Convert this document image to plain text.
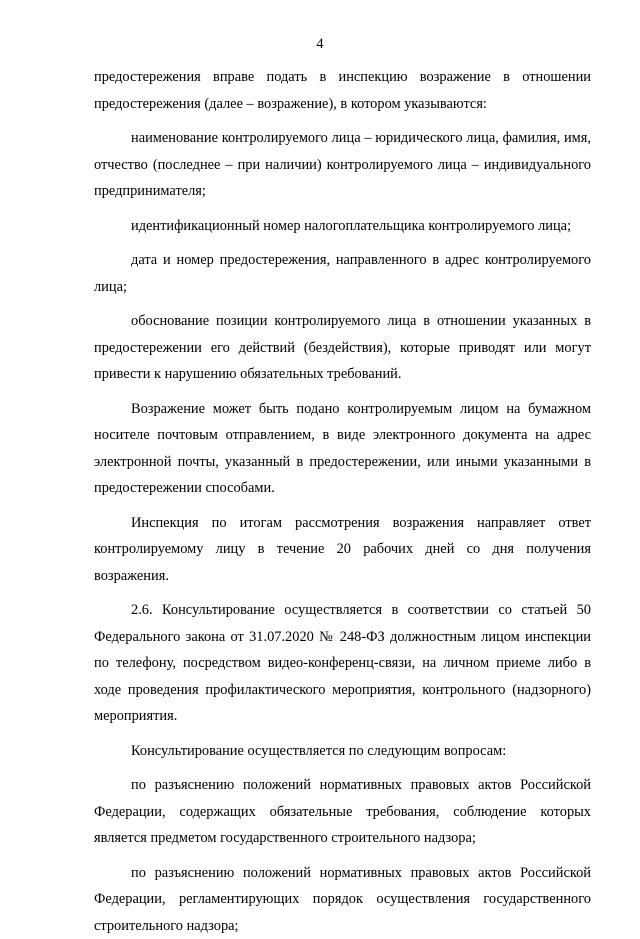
4

предостережения вправе подать в инспекцию возражение в отношении предостережения (далее – возражение), в котором указываются:

наименование контролируемого лица – юридического лица, фамилия, имя, отчество (последнее – при наличии) контролируемого лица – индивидуального предпринимателя;

идентификационный номер налогоплательщика контролируемого лица;

дата и номер предостережения, направленного в адрес контролируемого лица;

обоснование позиции контролируемого лица в отношении указанных в предостережении его действий (бездействия), которые приводят или могут привести к нарушению обязательных требований.

Возражение может быть подано контролируемым лицом на бумажном носителе почтовым отправлением, в виде электронного документа на адрес электронной почты, указанный в предостережении, или иными указанными в предостережении способами.

Инспекция по итогам рассмотрения возражения направляет ответ контролируемому лицу в течение 20 рабочих дней со дня получения возражения.

2.6. Консультирование осуществляется в соответствии со статьей 50 Федерального закона от 31.07.2020 № 248-ФЗ должностным лицом инспекции по телефону, посредством видео-конференц-связи, на личном приеме либо в ходе проведения профилактического мероприятия, контрольного (надзорного) мероприятия.

Консультирование осуществляется по следующим вопросам:

по разъяснению положений нормативных правовых актов Российской Федерации, содержащих обязательные требования, соблюдение которых является предметом государственного строительного надзора;

по разъяснению положений нормативных правовых актов Российской Федерации, регламентирующих порядок осуществления государственного строительного надзора;
